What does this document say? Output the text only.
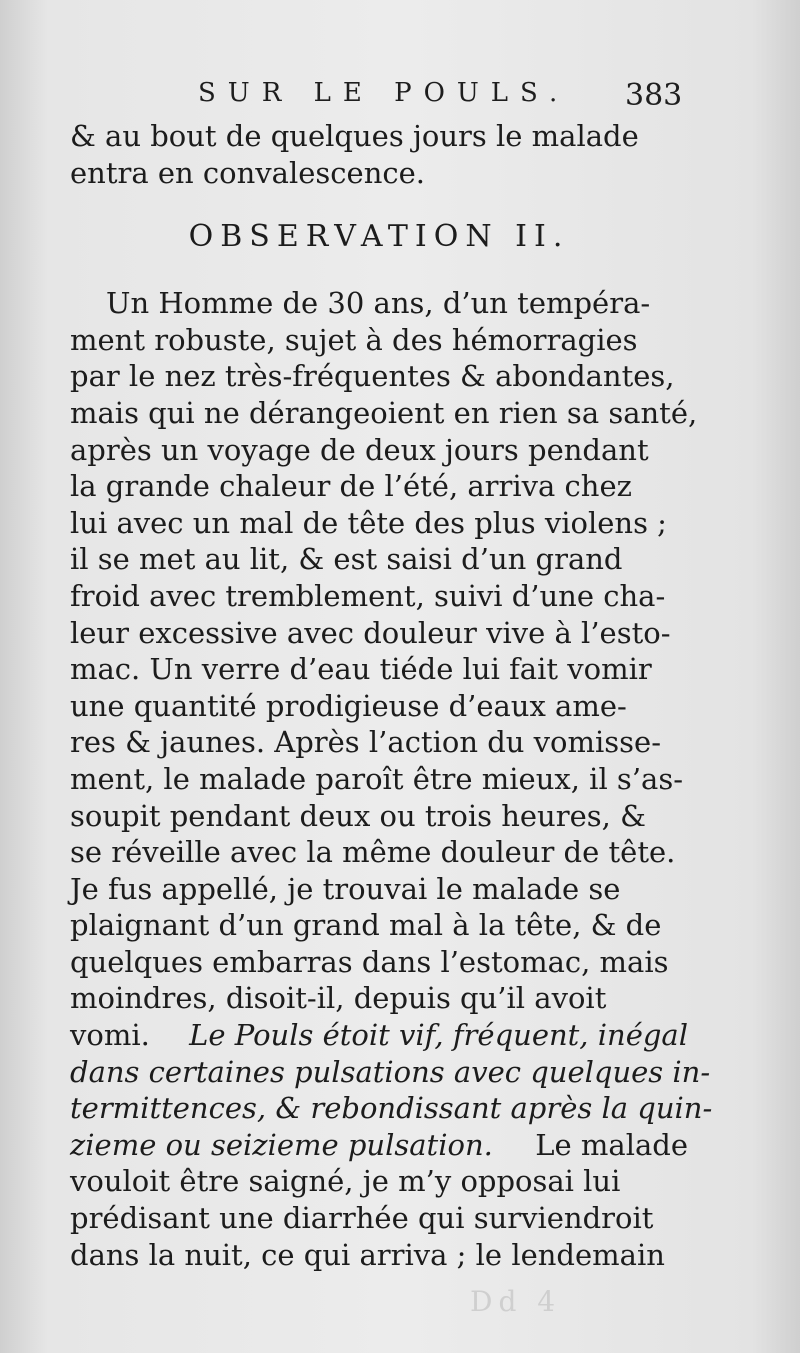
SUR LE POULS. 383
& au bout de quelques jours le malade
entra en convalescence.
OBSERVATION II.
Un Homme de 30 ans, d’un tempéra-
ment robuste, sujet à des hémorragies
par le nez très-fréquentes & abondantes,
mais qui ne dérangeoient en rien sa santé,
après un voyage de deux jours pendant
la grande chaleur de l’été, arriva chez
lui avec un mal de tête des plus violens ;
il se met au lit, & est saisi d’un grand
froid avec tremblement, suivi d’une cha-
leur excessive avec douleur vive à l’esto-
mac. Un verre d’eau tiéde lui fait vomir
une quantité prodigieuse d’eaux ame-
res & jaunes. Après l’action du vomisse-
ment, le malade paroît être mieux, il s’as-
soupit pendant deux ou trois heures, &
se réveille avec la même douleur de tête.
Je fus appellé, je trouvai le malade se
plaignant d’un grand mal à la tête, & de
quelques embarras dans l’estomac, mais
moindres, disoit-il, depuis qu’il avoit
vomi. Le Pouls étoit vif, fréquent, inégal
dans certaines pulsations avec quelques in-
termittences, & rebondissant après la quin-
zieme ou seizieme pulsation. Le malade
vouloit être saigné, je m’y opposai lui
prédisant une diarrhée qui surviendroit
dans la nuit, ce qui arriva ; le lendemain
Dd 4
